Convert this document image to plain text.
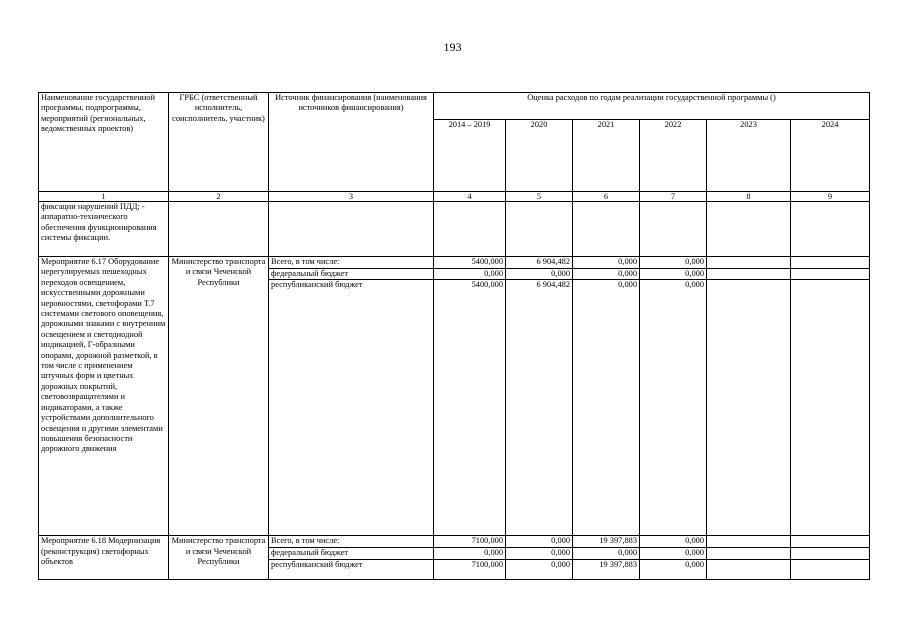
193
Наименование государственной программы, подпрограммы, мероприятий (региональных, ведомственных проектов)	ГРБС (ответственный исполнитель, соисполнитель, участник)	Источник финансирования (наименования источников финансирования)	Оценка расходов по годам реализации государственной программы ()					
			2014 – 2019	2020	2021	2022	2023	2024
1	2	3	4	5	6	7	8	9
фиксации нарушений ПДД; - аппаратно-технического обеспечения функционирования системы фиксации.								
Мероприятие 6.17 Оборудование нерегулируемых пешеходных переходов освещением, искусственными дорожными неровностями, светофорами Т.7 системами светового оповещения, дорожными знаками с внутренним освещением и светодиодной индикацией, Г-образными опорами, дорожной разметкой, в том числе с применением штучных форм и цветных дорожных покрытий, световозвращателями и индикаторами, а также устройствами дополнительного освещения и другими элементами повышения безопасности дорожного движения	Министерство транспорта и связи Чеченской Республики	Всего, в том числе:	5400,000	6 904,482	0,000	0,000		
		федеральный бюджет	0,000	0,000	0,000	0,000		
		республиканский бюджет	5400,000	6 904,482	0,000	0,000		
Мероприятие 6.18 Модернизация (реконструкция) светофорных объектов	Министерство транспорта и связи Чеченской Республики	Всего, в том числе:	7100,000	0,000	19 397,883	0,000		
		федеральный бюджет	0,000	0,000	0,000	0,000		
		республиканский бюджет	7100,000	0,000	19 397,883	0,000		
